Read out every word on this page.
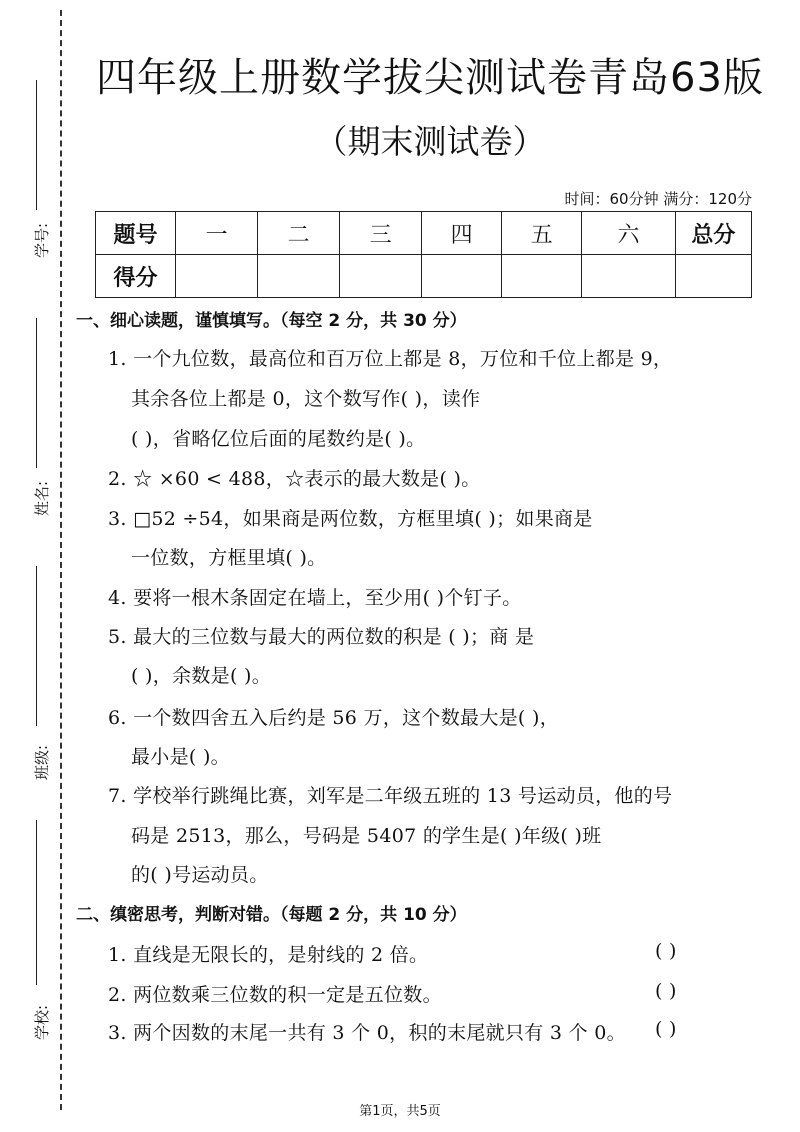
学号:
姓名:
班级:
学校:
四年级上册数学拔尖测试卷青岛63版
（期末测试卷）
时间：60分钟 满分：120分
题号	一	二	三	四	五	六	总分
得分							
一、细心读题，谨慎填写。（每空 2 分，共 30 分）
1. 一个九位数，最高位和百万位上都是 8，万位和千位上都是 9，
其余各位上都是 0，这个数写作( )，读作
( )，省略亿位后面的尾数约是( )。
2. ☆ ×60 < 488，☆表示的最大数是( )。
3. □52 ÷54，如果商是两位数，方框里填( )；如果商是
一位数，方框里填( )。
4. 要将一根木条固定在墙上，至少用( )个钉子。
5. 最大的三位数与最大的两位数的积是 ( )；商 是
( )，余数是( )。
6. 一个数四舍五入后约是 56 万，这个数最大是( )，
最小是( )。
7. 学校举行跳绳比赛，刘军是二年级五班的 13 号运动员，他的号
码是 2513，那么，号码是 5407 的学生是( )年级( )班
的( )号运动员。
二、缜密思考，判断对错。（每题 2 分，共 10 分）
1. 直线是无限长的，是射线的 2 倍。	( )
2. 两位数乘三位数的积一定是五位数。	( )
3. 两个因数的末尾一共有 3 个 0，积的末尾就只有 3 个 0。 ( )
第1页，共5页
